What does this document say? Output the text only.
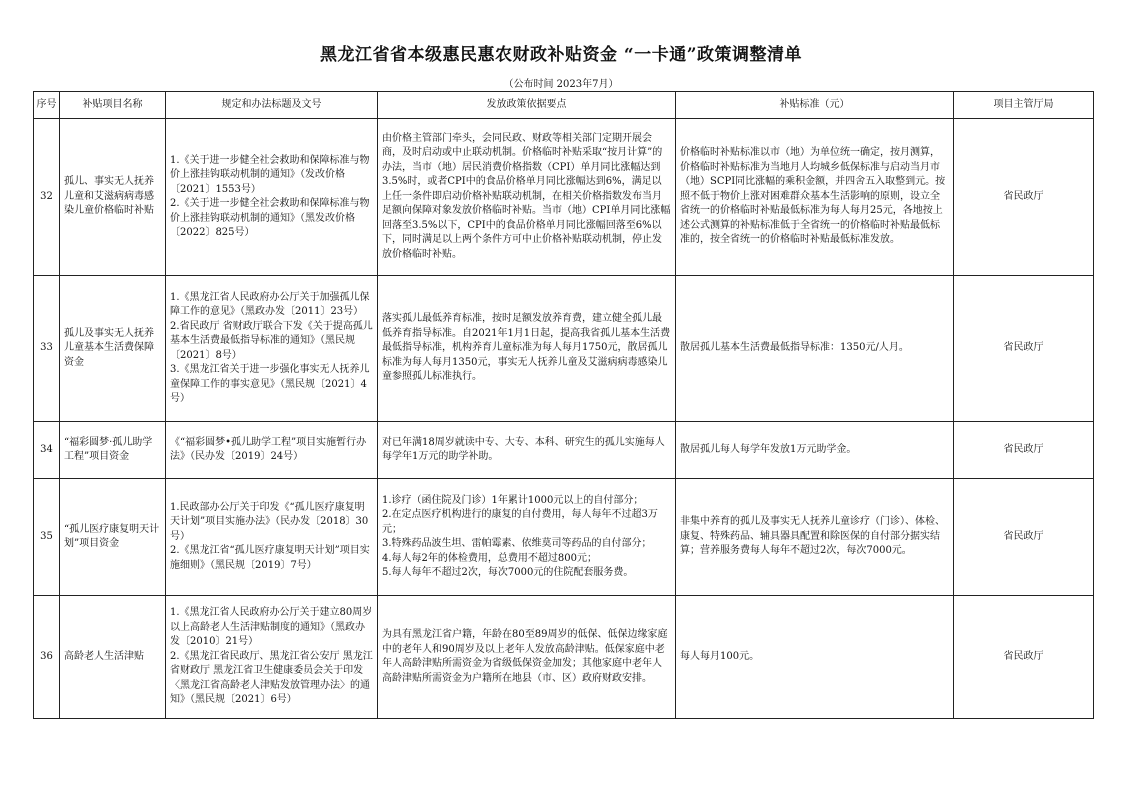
黑龙江省省本级惠民惠农财政补贴资金 “一卡通”政策调整清单
（公布时间 2023年7月）
序号	补贴项目名称	规定和办法标题及文号	发放政策依据要点	补贴标准（元）	项目主管厅局
32	孤儿、事实无人抚养儿童和艾滋病病毒感染儿童价格临时补贴	1.《关于进一步健全社会救助和保障标准与物价上涨挂钩联动机制的通知》（发改价格〔2021〕1553号）
2.《关于进一步健全社会救助和保障标准与物价上涨挂钩联动机制的通知》（黑发改价格〔2022〕825号）	由价格主管部门牵头，会同民政、财政等相关部门定期开展会商，及时启动或中止联动机制。价格临时补贴采取“按月计算”的办法，当市（地）居民消费价格指数（CPI）单月同比涨幅达到3.5%时，或者CPI中的食品价格单月同比涨幅达到6%，满足以上任一条件即启动价格补贴联动机制，在相关价格指数发布当月足额向保障对象发放价格临时补贴。当市（地）CPI单月同比涨幅回落至3.5%以下，CPI中的食品价格单月同比涨幅回落至6%以下，同时满足以上两个条件方可中止价格补贴联动机制，停止发放价格临时补贴。	价格临时补贴标准以市（地）为单位统一确定，按月测算，价格临时补贴标准为当地月人均城乡低保标准与启动当月市（地）SCPI同比涨幅的乘积金额，并四舍五入取整到元。按照不低于物价上涨对困难群众基本生活影响的原则，设立全省统一的价格临时补贴最低标准为每人每月25元，各地按上述公式测算的补贴标准低于全省统一的价格临时补贴最低标准的，按全省统一的价格临时补贴最低标准发放。	省民政厅
33	孤儿及事实无人抚养儿童基本生活费保障资金	1.《黑龙江省人民政府办公厅关于加强孤儿保障工作的意见》（黑政办发〔2011〕23号）
2.省民政厅 省财政厅联合下发《关于提高孤儿基本生活费最低指导标准的通知》（黑民规〔2021〕8号）
3.《黑龙江省关于进一步强化事实无人抚养儿童保障工作的事实意见》（黑民规〔2021〕4号）	落实孤儿最低养育标准，按时足额发放养育费，建立健全孤儿最低养育指导标准。自2021年1月1日起，提高我省孤儿基本生活费最低指导标准，机构养育儿童标准为每人每月1750元，散居孤儿标准为每人每月1350元，事实无人抚养儿童及艾滋病病毒感染儿童参照孤儿标准执行。	散居孤儿基本生活费最低指导标准：1350元/人月。	省民政厅
34	“福彩圆梦·孤儿助学工程”项目资金	《“福彩圆梦•孤儿助学工程”项目实施暂行办法》（民办发〔2019〕24号）	对已年满18周岁就读中专、大专、本科、研究生的孤儿实施每人每学年1万元的助学补助。	散居孤儿每人每学年发放1万元助学金。	省民政厅
35	“孤儿医疗康复明天计划”项目资金	1.民政部办公厅关于印发《“孤儿医疗康复明天计划”项目实施办法》（民办发〔2018〕30号）
2.《黑龙江省“孤儿医疗康复明天计划”项目实施细则》（黑民规〔2019〕7号）	1.诊疗（函住院及门诊）1年累计1000元以上的自付部分；
2.在定点医疗机构进行的康复的自付费用，每人每年不过超3万元；
3.特殊药品波生坦、雷帕霉素、依维莫司等药品的自付部分；
4.每人每2年的体检费用，总费用不超过800元；
5.每人每年不超过2次，每次7000元的住院配套服务费。	非集中养育的孤儿及事实无人抚养儿童诊疗（门诊）、体检、康复、特殊药品、辅具器具配置和除医保的自付部分据实结算；营养服务费每人每年不超过2次，每次7000元。	省民政厅
36	高龄老人生活津贴	1.《黑龙江省人民政府办公厅关于建立80周岁以上高龄老人生活津贴制度的通知》（黑政办发〔2010〕21号）
2.《黑龙江省民政厅、黑龙江省公安厅 黑龙江省财政厅 黑龙江省卫生健康委员会关于印发〈黑龙江省高龄老人津贴发放管理办法〉的通知》（黑民规〔2021〕6号）	为具有黑龙江省户籍，年龄在80至89周岁的低保、低保边缘家庭中的老年人和90周岁及以上老年人发放高龄津贴。低保家庭中老年人高龄津贴所需资金为省级低保资金加发；其他家庭中老年人高龄津贴所需资金为户籍所在地县（市、区）政府财政安排。	每人每月100元。	省民政厅
